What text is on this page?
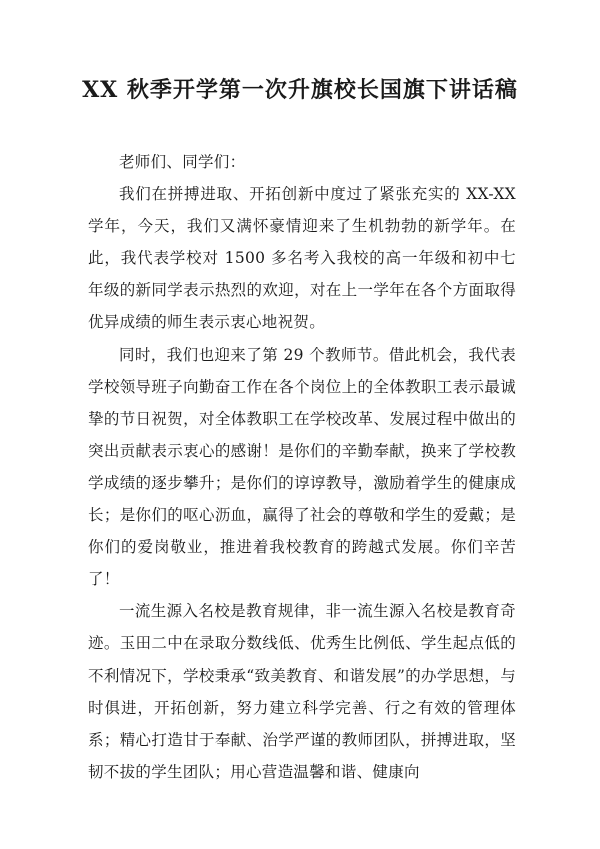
XX 秋季开学第一次升旗校长国旗下讲话稿

老师们、同学们：

我们在拼搏进取、开拓创新中度过了紧张充实的 XX-XX 学年，今天，我们又满怀豪情迎来了生机勃勃的新学年。在此，我代表学校对 1500 多名考入我校的高一年级和初中七年级的新同学表示热烈的欢迎，对在上一学年在各个方面取得优异成绩的师生表示衷心地祝贺。

同时，我们也迎来了第 29 个教师节。借此机会，我代表学校领导班子向勤奋工作在各个岗位上的全体教职工表示最诚挚的节日祝贺，对全体教职工在学校改革、发展过程中做出的突出贡献表示衷心的感谢！是你们的辛勤奉献，换来了学校教学成绩的逐步攀升；是你们的谆谆教导，激励着学生的健康成长；是你们的呕心沥血，赢得了社会的尊敬和学生的爱戴；是你们的爱岗敬业，推进着我校教育的跨越式发展。你们辛苦了！

一流生源入名校是教育规律，非一流生源入名校是教育奇迹。玉田二中在录取分数线低、优秀生比例低、学生起点低的不利情况下，学校秉承“致美教育、和谐发展”的办学思想，与时俱进，开拓创新，努力建立科学完善、行之有效的管理体系；精心打造甘于奉献、治学严谨的教师团队，拼搏进取，坚韧不拔的学生团队；用心营造温馨和谐、健康向
